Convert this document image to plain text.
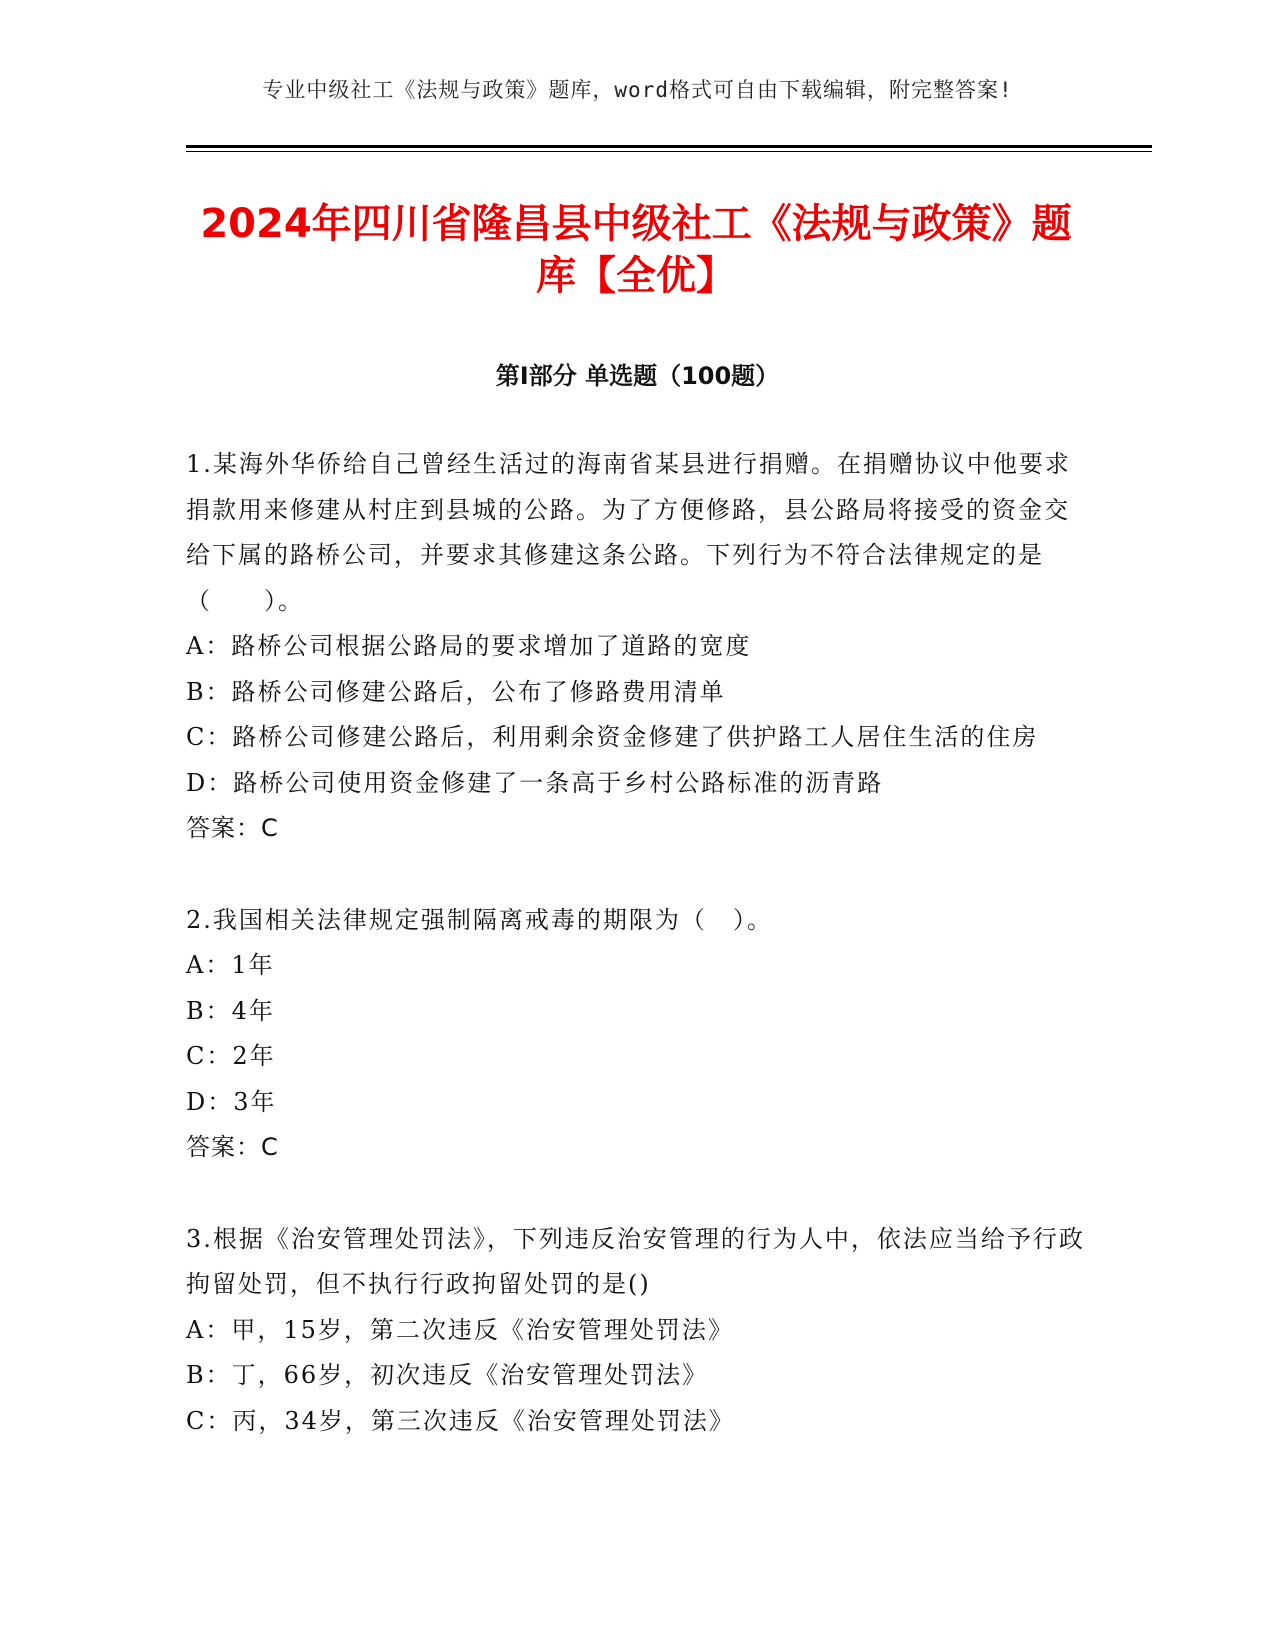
专业中级社工《法规与政策》题库，word格式可自由下载编辑，附完整答案!
2024年四川省隆昌县中级社工《法规与政策》题库【全优】
第Ⅰ部分 单选题（100题）
1.某海外华侨给自己曾经生活过的海南省某县进行捐赠。在捐赠协议中他要求捐款用来修建从村庄到县城的公路。为了方便修路，县公路局将接受的资金交给下属的路桥公司，并要求其修建这条公路。下列行为不符合法律规定的是（　　）。
A：路桥公司根据公路局的要求增加了道路的宽度
B：路桥公司修建公路后，公布了修路费用清单
C：路桥公司修建公路后，利用剩余资金修建了供护路工人居住生活的住房
D：路桥公司使用资金修建了一条高于乡村公路标准的沥青路
答案：C
2.我国相关法律规定强制隔离戒毒的期限为（　）。
A：1年
B：4年
C：2年
D：3年
答案：C
3.根据《治安管理处罚法》，下列违反治安管理的行为人中，依法应当给予行政拘留处罚，但不执行行政拘留处罚的是()
A：甲，15岁，第二次违反《治安管理处罚法》
B：丁，66岁，初次违反《治安管理处罚法》
C：丙，34岁，第三次违反《治安管理处罚法》
